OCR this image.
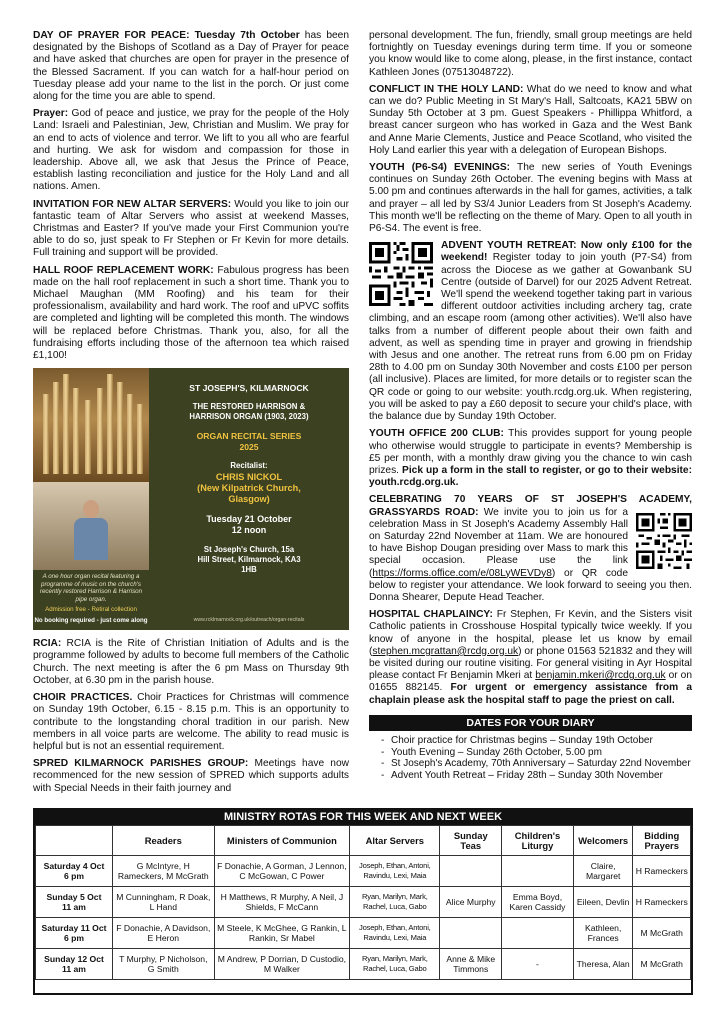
DAY OF PRAYER FOR PEACE: Tuesday 7th October has been designated by the Bishops of Scotland as a Day of Prayer for peace and have asked that churches are open for prayer in the presence of the Blessed Sacrament. If you can watch for a half-hour period on Tuesday please add your name to the list in the porch. Or just come along for the time you are able to spend.

Prayer: God of peace and justice, we pray for the people of the Holy Land: Israeli and Palestinian, Jew, Christian and Muslim. We pray for an end to acts of violence and terror. We lift to you all who are fearful and hurting. We ask for wisdom and compassion for those in leadership. Above all, we ask that Jesus the Prince of Peace, establish lasting reconciliation and justice for the Holy Land and all nations. Amen.

INVITATION FOR NEW ALTAR SERVERS: Would you like to join our fantastic team of Altar Servers who assist at weekend Masses, Christmas and Easter? If you've made your First Communion you're able to do so, just speak to Fr Stephen or Fr Kevin for more details. Full training and support will be provided.

HALL ROOF REPLACEMENT WORK: Fabulous progress has been made on the hall roof replacement in such a short time. Thank you to Michael Maughan (MM Roofing) and his team for their professionalism, availability and hard work. The roof and uPVC soffits are completed and lighting will be completed this month. The windows will be replaced before Christmas. Thank you, also, for all the fundraising efforts including those of the afternoon tea which raised £1,100!

A one hour organ recital featuring a programme of music on the church's recently restored Harrison & Harrison pipe organ.
Admission free - Retiral collection
No booking required - just come along
ST JOSEPH'S, KILMARNOCK
THE RESTORED HARRISON & HARRISON ORGAN (1903, 2023)
ORGAN RECITAL SERIES 2025
Recitalist:
CHRIS NICKOL
(New Kilpatrick Church, Glasgow)
Tuesday 21 October
12 noon
St Joseph's Church, 15a Hill Street, Kilmarnock, KA3 1HB
www.rcklmarnock.org.uk/outreach/organ-recitals

RCIA: RCIA is the Rite of Christian Initiation of Adults and is the programme followed by adults to become full members of the Catholic Church. The next meeting is after the 6 pm Mass on Thursday 9th October, at 6.30 pm in the parish house.

CHOIR PRACTICES. Choir Practices for Christmas will commence on Sunday 19th October, 6.15 - 8.15 p.m. This is an opportunity to contribute to the longstanding choral tradition in our parish. New members in all voice parts are welcome. The ability to read music is helpful but is not an essential requirement.

SPRED KILMARNOCK PARISHES GROUP: Meetings have now recommenced for the new session of SPRED which supports adults with Special Needs in their faith journey and

personal development. The fun, friendly, small group meetings are held fortnightly on Tuesday evenings during term time. If you or someone you know would like to come along, please, in the first instance, contact Kathleen Jones (07513048722).

CONFLICT IN THE HOLY LAND: What do we need to know and what can we do? Public Meeting in St Mary's Hall, Saltcoats, KA21 5BW on Sunday 5th October at 3 pm. Guest Speakers - Phillippa Whitford, a breast cancer surgeon who has worked in Gaza and the West Bank and Anne Marie Clements, Justice and Peace Scotland, who visited the Holy Land earlier this year with a delegation of European Bishops.

YOUTH (P6-S4) EVENINGS: The new series of Youth Evenings continues on Sunday 26th October. The evening begins with Mass at 5.00 pm and continues afterwards in the hall for games, activities, a talk and prayer – all led by S3/4 Junior Leaders from St Joseph's Academy. This month we'll be reflecting on the theme of Mary. Open to all youth in P6-S4. The event is free.

ADVENT YOUTH RETREAT: Now only £100 for the weekend! Register today to join youth (P7-S4) from across the Diocese as we gather at Gowanbank SU Centre (outside of Darvel) for our 2025 Advent Retreat. We'll spend the weekend together taking part in various different outdoor activities including archery tag, crate climbing, and an escape room (among other activities). We'll also have talks from a number of different people about their own faith and advent, as well as spending time in prayer and growing in friendship with Jesus and one another. The retreat runs from 6.00 pm on Friday 28th to 4.00 pm on Sunday 30th November and costs £100 per person (all inclusive). Places are limited, for more details or to register scan the QR code or going to our website: youth.rcdg.org.uk. When registering, you will be asked to pay a £60 deposit to secure your child's place, with the balance due by Sunday 19th October.

YOUTH OFFICE 200 CLUB: This provides support for young people who otherwise would struggle to participate in events? Membership is £5 per month, with a monthly draw giving you the chance to win cash prizes. Pick up a form in the stall to register, or go to their website: youth.rcdg.org.uk.

CELEBRATING 70 YEARS OF ST JOSEPH'S ACADEMY, GRASSYARDS ROAD: We invite you to join us for a celebration Mass in St Joseph's Academy Assembly Hall on Saturday 22nd November at 11am. We are honoured to have Bishop Dougan presiding over Mass to mark this special occasion. Please use the link (https://forms.office.com/e/08LyWEVDy8) or QR code below to register your attendance. We look forward to seeing you then. Donna Shearer, Depute Head Teacher.

HOSPITAL CHAPLAINCY: Fr Stephen, Fr Kevin, and the Sisters visit Catholic patients in Crosshouse Hospital typically twice weekly. If you know of anyone in the hospital, please let us know by email (stephen.mcgrattan@rcdg.org.uk) or phone 01563 521832 and they will be visited during our routine visiting. For general visiting in Ayr Hospital please contact Fr Benjamin Mkeri at benjamin.mkeri@rcdg.org.uk or on 01655 882145. For urgent or emergency assistance from a chaplain please ask the hospital staff to page the priest on call.

DATES FOR YOUR DIARY
- Choir practice for Christmas begins – Sunday 19th October
- Youth Evening – Sunday 26th October, 5.00 pm
- St Joseph's Academy, 70th Anniversary – Saturday 22nd November
- Advent Youth Retreat – Friday 28th – Sunday 30th November
MINISTRY ROTAS FOR THIS WEEK AND NEXT WEEK
	Readers	Ministers of Communion	Altar Servers	Sunday Teas	Children's Liturgy	Welcomers	Bidding Prayers

Saturday 4 Oct
6 pm	G McIntyre, H Rameckers, M McGrath	F Donachie, A Gorman, J Lennon, C McGowan, C Power	Joseph, Ethan, Antoni, Ravindu, Lexi, Maia			Claire, Margaret	H Rameckers

Sunday 5 Oct
11 am	M Cunningham, R Doak, L Hand	H Matthews, R Murphy, A Neil, J Shields, F McCann	Ryan, Marilyn, Mark, Rachel, Luca, Gabo	Alice Murphy	Emma Boyd, Karen Cassidy	Eileen, Devlin	H Rameckers

Saturday 11 Oct
6 pm	F Donachie, A Davidson, E Heron	M Steele, K McGhee, G Rankin, L Rankin, Sr Mabel	Joseph, Ethan, Antoni, Ravindu, Lexi, Maia			Kathleen, Frances	M McGrath

Sunday 12 Oct
11 am	T Murphy, P Nicholson, G Smith	M Andrew, P Dorrian, D Custodio, M Walker	Ryan, Marilyn, Mark, Rachel, Luca, Gabo	Anne & Mike Timmons	-	Theresa, Alan	M McGrath
